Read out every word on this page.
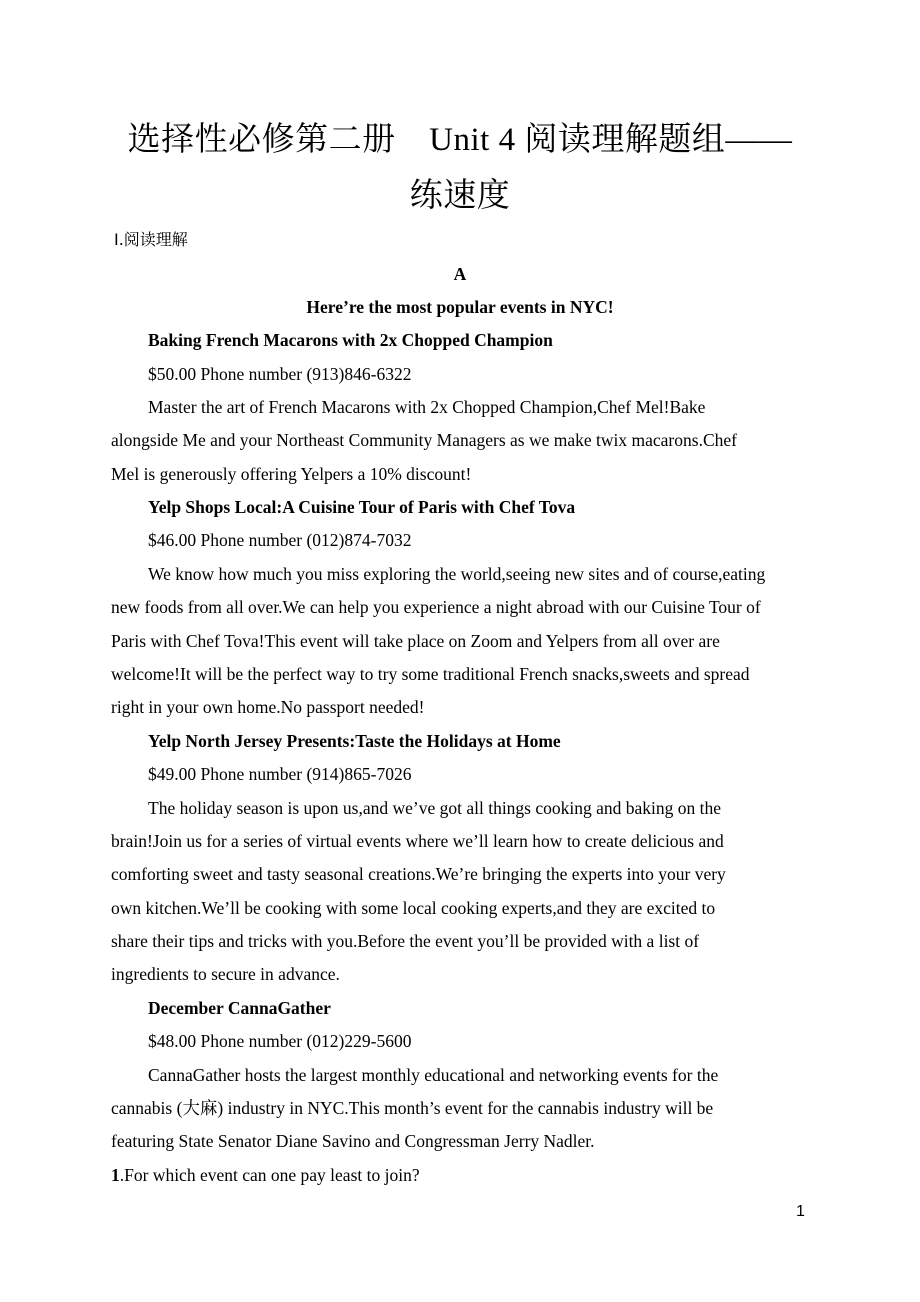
选择性必修第二册　Unit 4 阅读理解题组——
练速度
Ⅰ.阅读理解
A
Here’re the most popular events in NYC!
Baking French Macarons with 2x Chopped Champion
$50.00 Phone number (913)846-6322
Master the art of French Macarons with 2x Chopped Champion,Chef Mel!Bake
alongside Me and your Northeast Community Managers as we make twix macarons.Chef
Mel is generously offering Yelpers a 10% discount!
Yelp Shops Local:A Cuisine Tour of Paris with Chef Tova
$46.00 Phone number (012)874-7032
We know how much you miss exploring the world,seeing new sites and of course,eating
new foods from all over.We can help you experience a night abroad with our Cuisine Tour of
Paris with Chef Tova!This event will take place on Zoom and Yelpers from all over are
welcome!It will be the perfect way to try some traditional French snacks,sweets and spread
right in your own home.No passport needed!
Yelp North Jersey Presents:Taste the Holidays at Home
$49.00 Phone number (914)865-7026
The holiday season is upon us,and we’ve got all things cooking and baking on the
brain!Join us for a series of virtual events where we’ll learn how to create delicious and
comforting sweet and tasty seasonal creations.We’re bringing the experts into your very
own kitchen.We’ll be cooking with some local cooking experts,and they are excited to
share their tips and tricks with you.Before the event you’ll be provided with a list of
ingredients to secure in advance.
December CannaGather
$48.00 Phone number (012)229-5600
CannaGather hosts the largest monthly educational and networking events for the
cannabis (大麻) industry in NYC.This month’s event for the cannabis industry will be
featuring State Senator Diane Savino and Congressman Jerry Nadler.
1.For which event can one pay least to join?
1
